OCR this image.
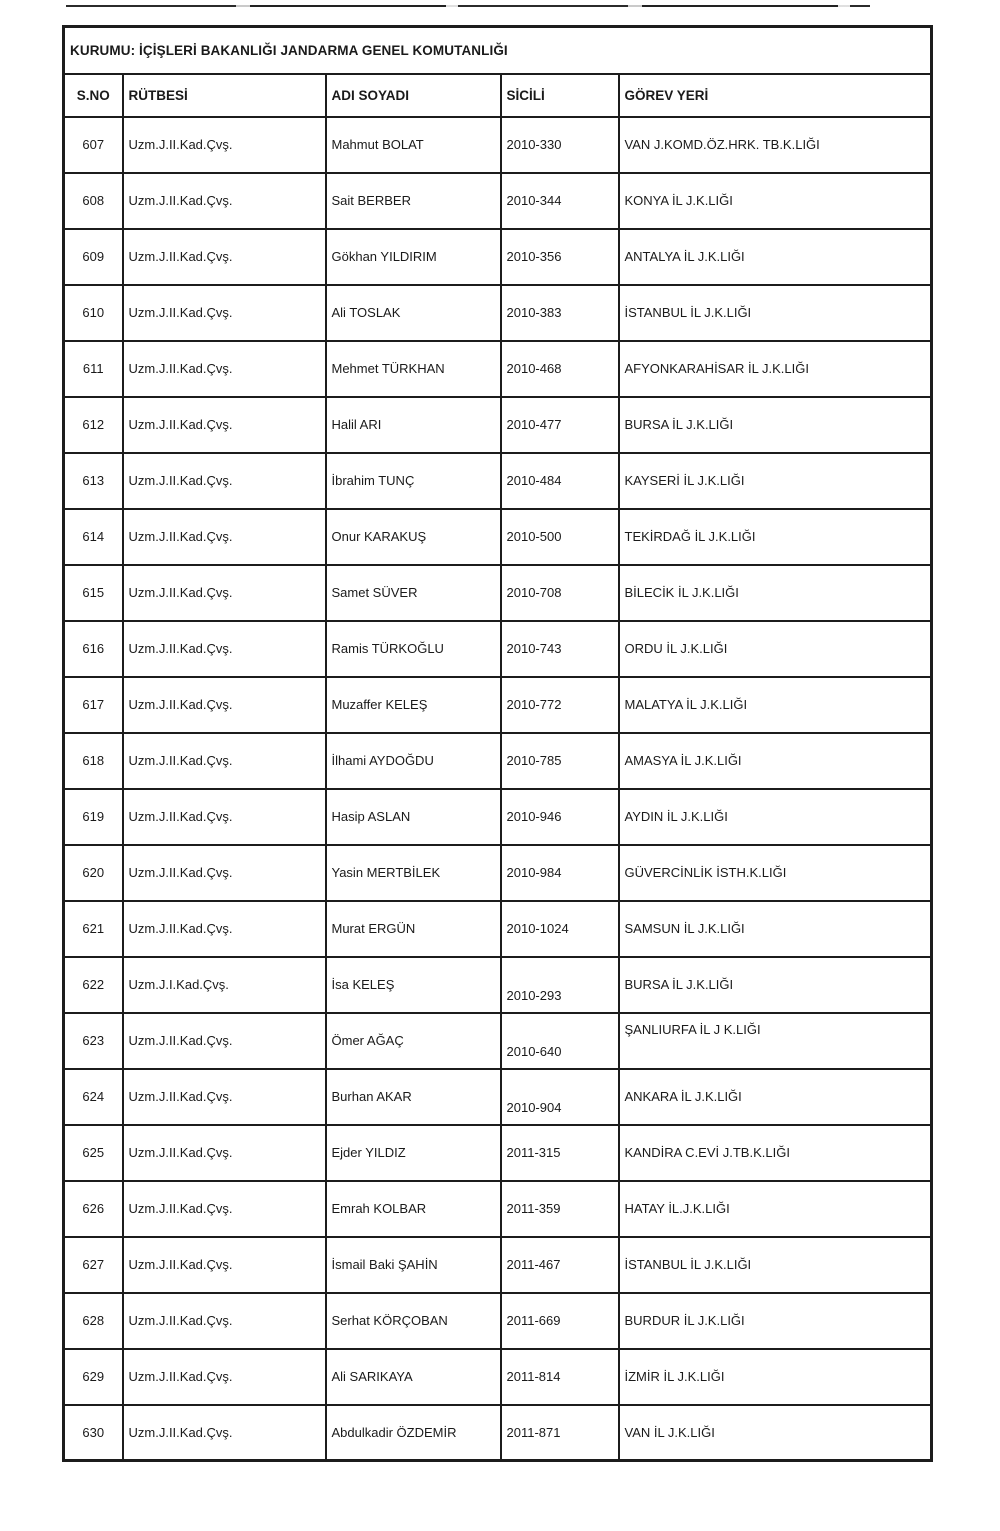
KURUMU: İÇİŞLERİ BAKANLIĞI JANDARMA GENEL KOMUTANLIĞI				
S.NO	RÜTBESİ	ADI SOYADI	SİCİLİ	GÖREV YERİ
607	Uzm.J.II.Kad.Çvş.	Mahmut BOLAT	2010-330	VAN J.KOMD.ÖZ.HRK. TB.K.LIĞI
608	Uzm.J.II.Kad.Çvş.	Sait BERBER	2010-344	KONYA İL J.K.LIĞI
609	Uzm.J.II.Kad.Çvş.	Gökhan YILDIRIM	2010-356	ANTALYA İL J.K.LIĞI
610	Uzm.J.II.Kad.Çvş.	Ali TOSLAK	2010-383	İSTANBUL İL J.K.LIĞI
611	Uzm.J.II.Kad.Çvş.	Mehmet TÜRKHAN	2010-468	AFYONKARAHİSAR İL J.K.LIĞI
612	Uzm.J.II.Kad.Çvş.	Halil ARI	2010-477	BURSA İL J.K.LIĞI
613	Uzm.J.II.Kad.Çvş.	İbrahim TUNÇ	2010-484	KAYSERİ İL J.K.LIĞI
614	Uzm.J.II.Kad.Çvş.	Onur KARAKUŞ	2010-500	TEKİRDAĞ İL J.K.LIĞI
615	Uzm.J.II.Kad.Çvş.	Samet SÜVER	2010-708	BİLECİK İL J.K.LIĞI
616	Uzm.J.II.Kad.Çvş.	Ramis TÜRKOĞLU	2010-743	ORDU İL J.K.LIĞI
617	Uzm.J.II.Kad.Çvş.	Muzaffer KELEŞ	2010-772	MALATYA İL J.K.LIĞI
618	Uzm.J.II.Kad.Çvş.	İlhami AYDOĞDU	2010-785	AMASYA İL J.K.LIĞI
619	Uzm.J.II.Kad.Çvş.	Hasip ASLAN	2010-946	AYDIN İL J.K.LIĞI
620	Uzm.J.II.Kad.Çvş.	Yasin MERTBİLEK	2010-984	GÜVERCİNLİK İSTH.K.LIĞI
621	Uzm.J.II.Kad.Çvş.	Murat ERGÜN	2010-1024	SAMSUN İL J.K.LIĞI
622	Uzm.J.I.Kad.Çvş.	İsa KELEŞ	2010-293	BURSA İL J.K.LIĞI
623	Uzm.J.II.Kad.Çvş.	Ömer AĞAÇ	2010-640	ŞANLIURFA İL J K.LIĞI
624	Uzm.J.II.Kad.Çvş.	Burhan AKAR	2010-904	ANKARA İL J.K.LIĞI
625	Uzm.J.II.Kad.Çvş.	Ejder YILDIZ	2011-315	KANDİRA C.EVİ J.TB.K.LIĞI
626	Uzm.J.II.Kad.Çvş.	Emrah KOLBAR	2011-359	HATAY İL.J.K.LIĞI
627	Uzm.J.II.Kad.Çvş.	İsmail Baki ŞAHİN	2011-467	İSTANBUL İL J.K.LIĞI
628	Uzm.J.II.Kad.Çvş.	Serhat KÖRÇOBAN	2011-669	BURDUR İL J.K.LIĞI
629	Uzm.J.II.Kad.Çvş.	Ali SARIKAYA	2011-814	İZMİR İL J.K.LIĞI
630	Uzm.J.II.Kad.Çvş.	Abdulkadir ÖZDEMİR	2011-871	VAN İL J.K.LIĞI
